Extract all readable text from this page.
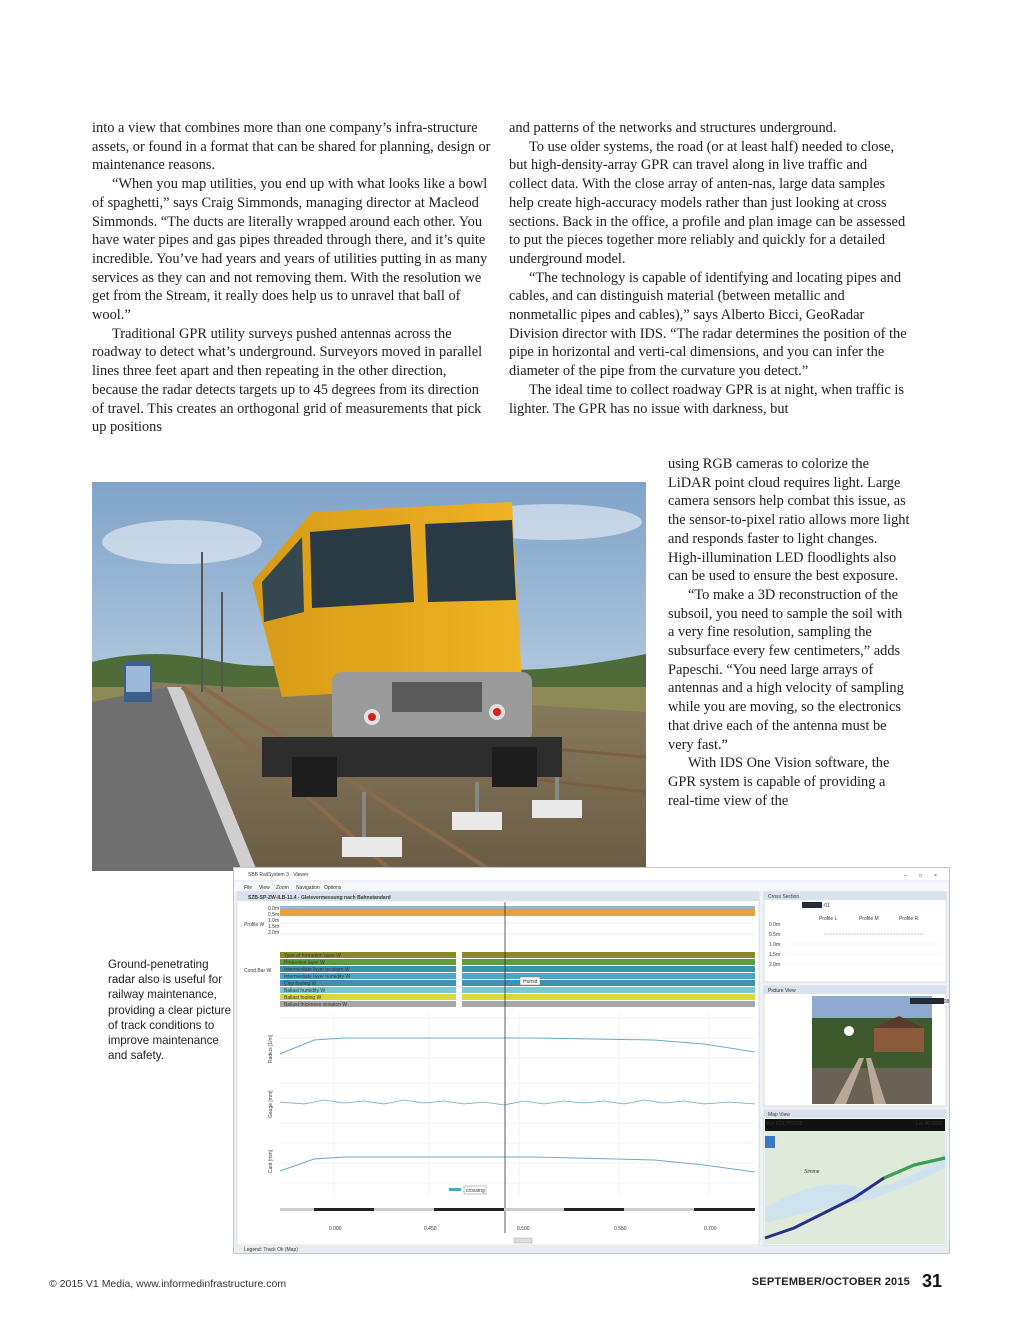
into a view that combines more than one company’s infra-structure assets, or found in a format that can be shared for planning, design or maintenance reasons.

“When you map utilities, you end up with what looks like a bowl of spaghetti,” says Craig Simmonds, managing director at Macleod Simmonds. “The ducts are literally wrapped around each other. You have water pipes and gas pipes threaded through there, and it’s quite incredible. You’ve had years and years of utilities putting in as many services as they can and not removing them. With the resolution we get from the Stream, it really does help us to unravel that ball of wool.”

Traditional GPR utility surveys pushed antennas across the roadway to detect what’s underground. Surveyors moved in parallel lines three feet apart and then repeating in the other direction, because the radar detects targets up to 45 degrees from its direction of travel. This creates an orthogonal grid of measurements that pick up positions

and patterns of the networks and structures underground.

To use older systems, the road (or at least half) needed to close, but high-density-array GPR can travel along in live traffic and collect data. With the close array of anten-nas, large data samples help create high-accuracy models rather than just looking at cross sections. Back in the office, a profile and plan image can be assessed to put the pieces together more reliably and quickly for a detailed underground model.

“The technology is capable of identifying and locating pipes and cables, and can distinguish material (between metallic and nonmetallic pipes and cables),” says Alberto Bicci, GeoRadar Division director with IDS. “The radar determines the position of the pipe in horizontal and verti-cal dimensions, and you can infer the diameter of the pipe from the curvature you detect.”

The ideal time to collect roadway GPR is at night, when traffic is lighter. The GPR has no issue with darkness, but

using RGB cameras to colorize the LiDAR point cloud requires light. Large camera sensors help combat this issue, as the sensor-to-pixel ratio allows more light and responds faster to light changes. High-illumination LED floodlights also can be used to ensure the best exposure.

“To make a 3D reconstruction of the subsoil, you need to sample the soil with a very fine resolution, sampling the subsurface every few centimeters,” adds Papeschi. “You need large arrays of antennas and a high velocity of sampling while you are moving, so the electronics that drive each of the antenna must be very fast.”

With IDS One Vision software, the GPR system is capable of providing a real-time view of the

Ground-penetrating radar also is useful for railway maintenance, providing a clear picture of track conditions to improve maintenance and safety.
SBB RailSystem 3 - Viewer	– □ ×
File View Zoom Navigation Options
SZB-SP-ZW-ILB-11.4 - Gleisvermessung nach Bahnstandard
Profile W
0.0m
0.5m
1.0m
1.5m
2.0m
Cond.Bar W
Type of formation layer W
Protection layer W
Intermediate layer problem W
Intermediate layer humidity W
Clay fouling W
Ballast humidity W
Ballast fouling W
Ballast thickness violation W
Humid
Radius [1/m]
Gauge [mm]
Cant [mm]
crossing
0.000	0.450	0.500	0.550	0.700
Legend: Track Ok (Map)
Cross Section
CS-BTR-01
Profile L	Profile M	Profile R
0.0m
0.5m
1.0m
1.5m
2.0m
Picture View
SBB-06540-1-08
Map View
Km 639,755338	Lat 46.6832
Simme
© 2015 V1 Media, www.informedinfrastructure.com	SEPTEMBER/OCTOBER 2015 31
